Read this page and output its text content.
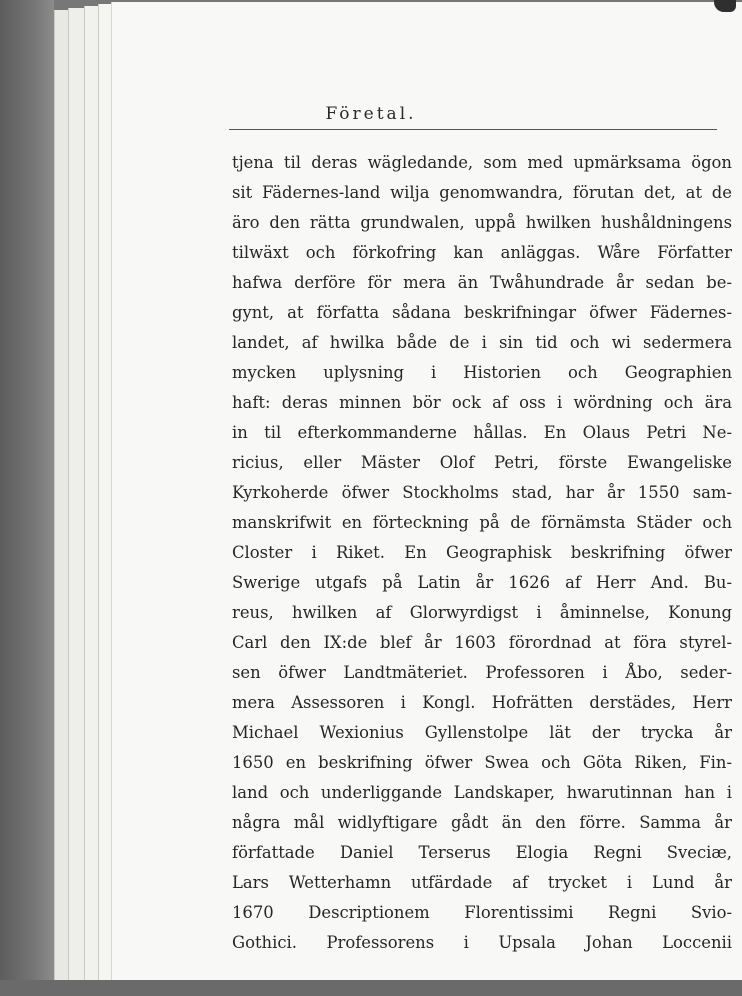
Företal.
tjena til deras wägledande, som med upmärksama ögon
sit Fädernes-land wilja genomwandra, förutan det, at de
äro den rätta grundwalen, uppå hwilken hushåldningens
tilwäxt och förkofring kan anläggas. Wåre Författer
hafwa derföre för mera än Twåhundrade år sedan be-
gynt, at författa sådana beskrifningar öfwer Fädernes-
landet, af hwilka både de i sin tid och wi sedermera
mycken uplysning i Historien och Geographien
haft: deras minnen bör ock af oss i wördning och ära
in til efterkommanderne hållas. En Olaus Petri Ne-
ricius, eller Mäster Olof Petri, förste Ewangeliske
Kyrkoherde öfwer Stockholms stad, har år 1550 sam-
manskrifwit en förteckning på de förnämsta Städer och
Closter i Riket. En Geographisk beskrifning öfwer
Swerige utgafs på Latin år 1626 af Herr And. Bu-
reus, hwilken af Glorwyrdigst i åminnelse, Konung
Carl den IX:de blef år 1603 förordnad at föra styrel-
sen öfwer Landtmäteriet. Professoren i Åbo, seder-
mera Assessoren i Kongl. Hofrätten derstädes, Herr
Michael Wexionius Gyllenstolpe lät der trycka år
1650 en beskrifning öfwer Swea och Göta Riken, Fin-
land och underliggande Landskaper, hwarutinnan han i
några mål widlyftigare gådt än den förre. Samma år
författade Daniel Terserus Elogia Regni Sveciæ,
Lars Wetterhamn utfärdade af trycket i Lund år
1670 Descriptionem Florentissimi Regni Svio-
Gothici. Professorens i Upsala Johan Loccenii
